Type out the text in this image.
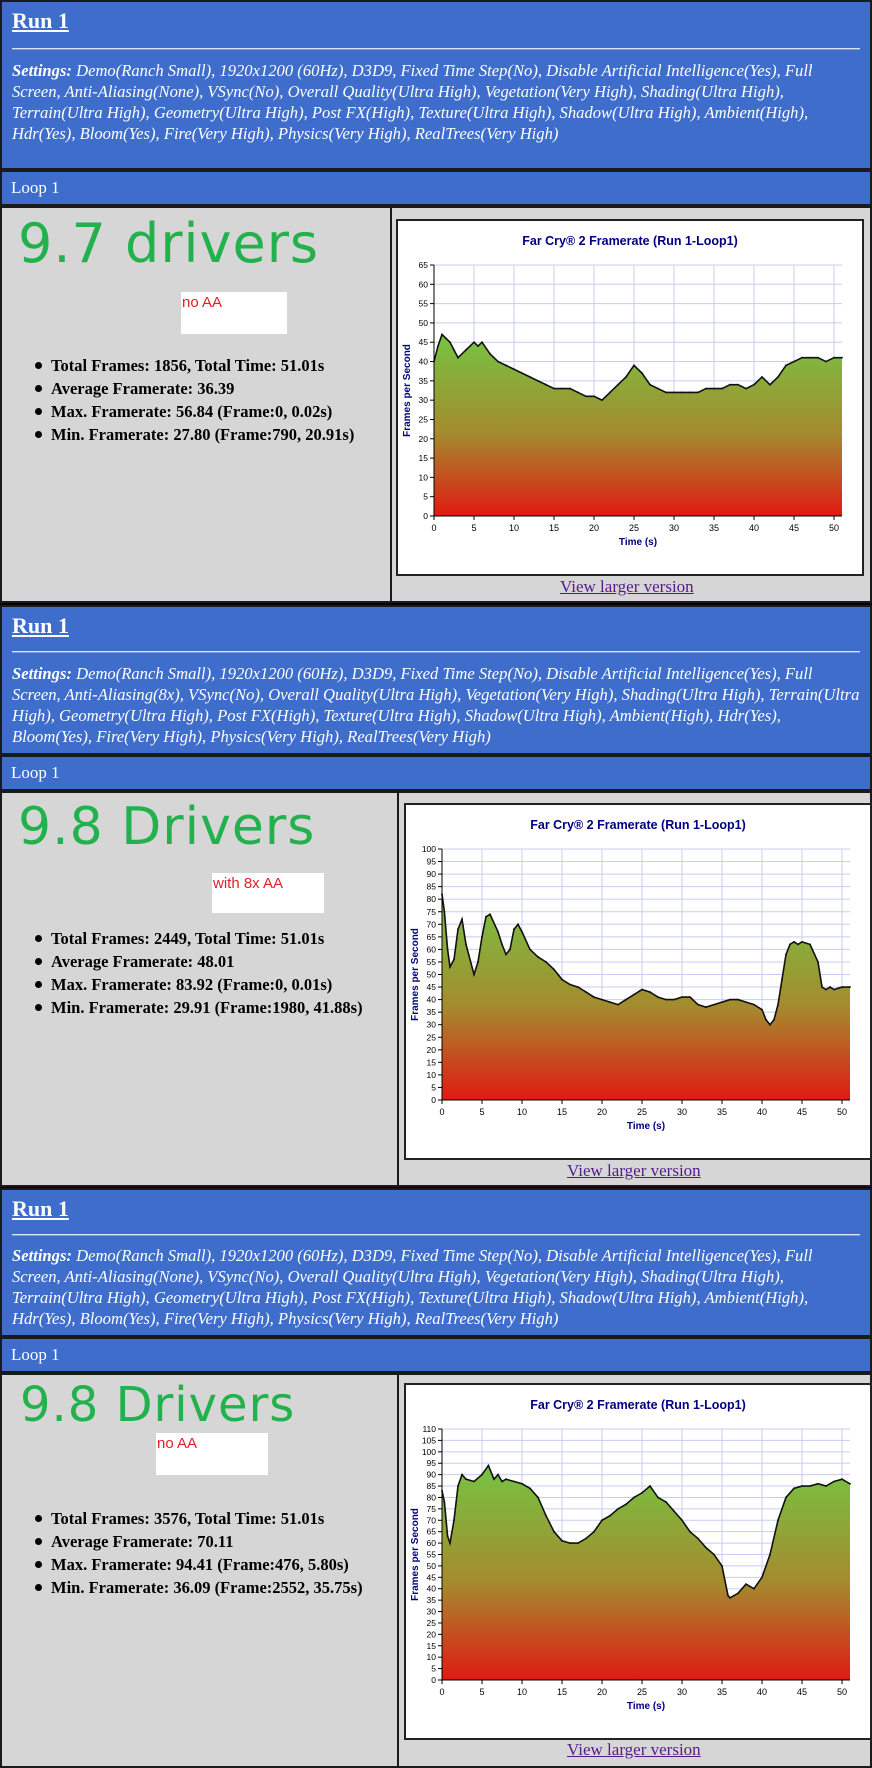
Run 1
Settings: Demo(Ranch Small), 1920x1200 (60Hz), D3D9, Fixed Time Step(No), Disable Artificial Intelligence(Yes), Full Screen, Anti-Aliasing(None), VSync(No), Overall Quality(Ultra High), Vegetation(Very High), Shading(Ultra High), Terrain(Ultra High), Geometry(Ultra High), Post FX(High), Texture(Ultra High), Shadow(Ultra High), Ambient(High), Hdr(Yes), Bloom(Yes), Fire(Very High), Physics(Very High), RealTrees(Very High)
Loop 1
9.7 drivers
no AA
Total Frames: 1856, Total Time: 51.01s
Average Framerate: 36.39
Max. Framerate: 56.84 (Frame:0, 0.02s)
Min. Framerate: 27.80 (Frame:790, 20.91s)
Far Cry® 2 Framerate (Run 1-Loop1)
0
5
10
15
20
25
30
35
40
45
50
55
60
65
0	5	10	15	20	25	30	35	40	45	50
Time (s)
Frames per Second
View larger version
Run 1
Settings: Demo(Ranch Small), 1920x1200 (60Hz), D3D9, Fixed Time Step(No), Disable Artificial Intelligence(Yes), Full Screen, Anti-Aliasing(8x), VSync(No), Overall Quality(Ultra High), Vegetation(Very High), Shading(Ultra High), Terrain(Ultra High), Geometry(Ultra High), Post FX(High), Texture(Ultra High), Shadow(Ultra High), Ambient(High), Hdr(Yes), Bloom(Yes), Fire(Very High), Physics(Very High), RealTrees(Very High)
Loop 1
9.8 Drivers
with 8x AA
Total Frames: 2449, Total Time: 51.01s
Average Framerate: 48.01
Max. Framerate: 83.92 (Frame:0, 0.01s)
Min. Framerate: 29.91 (Frame:1980, 41.88s)
Far Cry® 2 Framerate (Run 1-Loop1)
0
5
10
15
20
25
30
35
40
45
50
55
60
65
70
75
80
85
90
95
100
0	5	10	15	20	25	30	35	40	45	50
Time (s)
Frames per Second
View larger version
Run 1
Settings: Demo(Ranch Small), 1920x1200 (60Hz), D3D9, Fixed Time Step(No), Disable Artificial Intelligence(Yes), Full Screen, Anti-Aliasing(None), VSync(No), Overall Quality(Ultra High), Vegetation(Very High), Shading(Ultra High), Terrain(Ultra High), Geometry(Ultra High), Post FX(High), Texture(Ultra High), Shadow(Ultra High), Ambient(High), Hdr(Yes), Bloom(Yes), Fire(Very High), Physics(Very High), RealTrees(Very High)
Loop 1
9.8 Drivers
no AA
Total Frames: 3576, Total Time: 51.01s
Average Framerate: 70.11
Max. Framerate: 94.41 (Frame:476, 5.80s)
Min. Framerate: 36.09 (Frame:2552, 35.75s)
Far Cry® 2 Framerate (Run 1-Loop1)
0
5
10
15
20
25
30
35
40
45
50
55
60
65
70
75
80
85
90
95
100
105
110
0	5	10	15	20	25	30	35	40	45	50
Time (s)
Frames per Second
View larger version
